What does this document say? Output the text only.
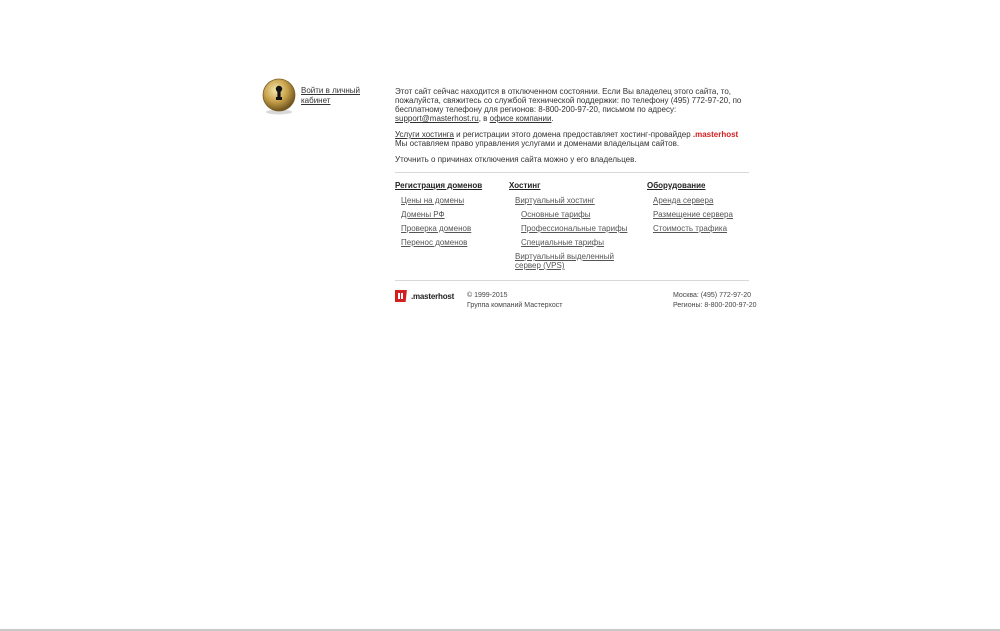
Войти в личный кабинет

Этот сайт сейчас находится в отключенном состоянии. Если Вы владелец этого сайта, то, пожалуйста, свяжитесь со службой технической поддержки: по телефону (495) 772-97-20, по бесплатному телефону для регионов: 8-800-200-97-20, письмом по адресу: support@masterhost.ru, в офисе компании.

Услуги хостинга и регистрации этого домена предоставляет хостинг-провайдер .masterhost Мы оставляем право управления услугами и доменами владельцам сайтов.

Уточнить о причинах отключения сайта можно у его владельцев.

Регистрация доменов
Цены на домены
Домены РФ
Проверка доменов
Перенос доменов
Хостинг
Виртуальный хостинг
Основные тарифы
Профессиональные тарифы
Специальные тарифы
Виртуальный выделенный сервер (VPS)
Оборудование
Аренда сервера
Размещение сервера
Стоимость трафика
.masterhost © 1999-2015
Группа компаний Мастерхост
Москва: (495) 772-97-20
Регионы: 8-800-200-97-20
